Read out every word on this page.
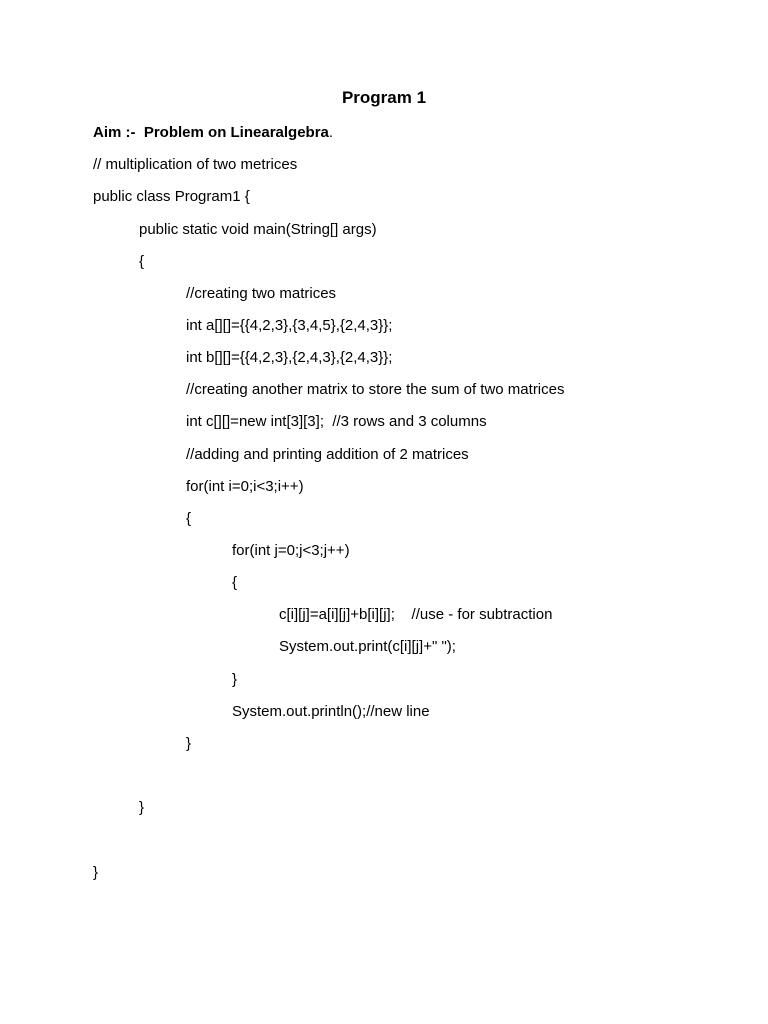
Program 1
Aim :- Problem on Linearalgebra.
// multiplication of two metrices
public class Program1 {
public static void main(String[] args)
{
//creating two matrices
int a[][]={{4,2,3},{3,4,5},{2,4,3}};
int b[][]={{4,2,3},{2,4,3},{2,4,3}};
//creating another matrix to store the sum of two matrices
int c[][]=new int[3][3];  //3 rows and 3 columns
//adding and printing addition of 2 matrices
for(int i=0;i<3;i++)
{
for(int j=0;j<3;j++)
{
c[i][j]=a[i][j]+b[i][j];    //use - for subtraction
System.out.print(c[i][j]+" ");
}
System.out.println();//new line
}
}
}
